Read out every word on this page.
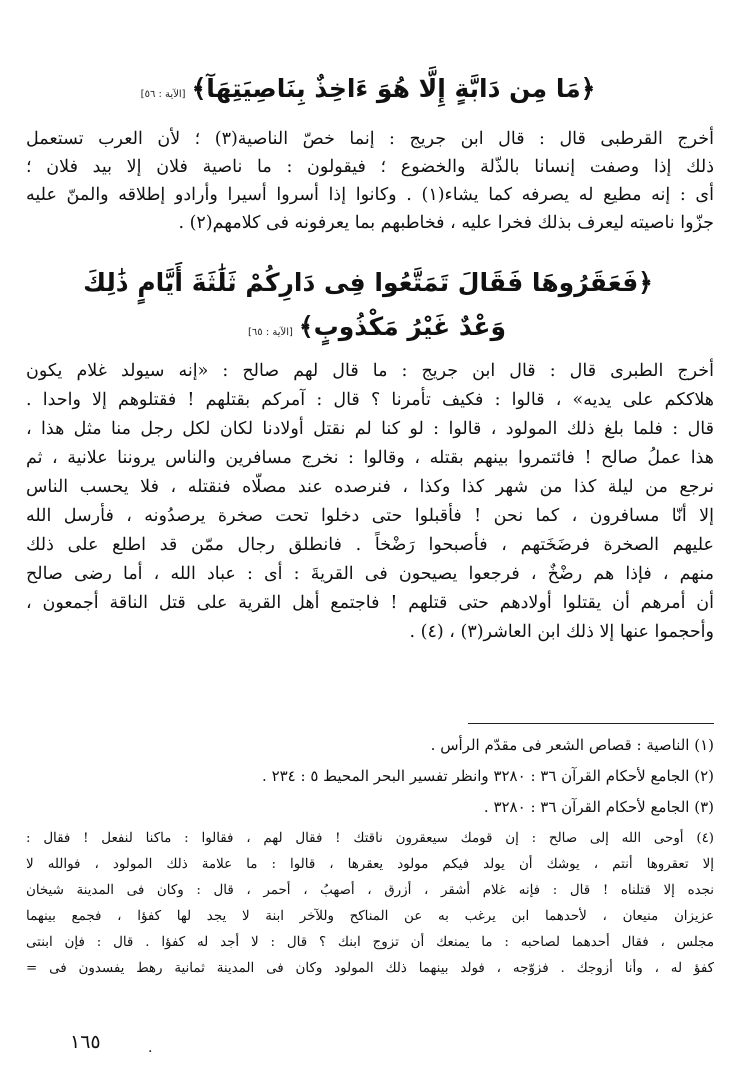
﴿مَا مِن دَابَّةٍ إِلَّا هُوَ ءَاخِذٌ بِنَاصِيَتِهَآ﴾
[الآية : ٥٦]
أخرج القرطبى قال : قال ابن جريج : إنما خصّ الناصية(٣) ؛ لأن العرب تستعمل
ذلك إذا وصفت إنسانا بالذّلة والخضوع ؛ فيقولون : ما ناصية فلان إلا بيد فلان ؛
أى : إنه مطيع له يصرفه كما يشاء(١) . وكانوا إذا أسروا أسيرا وأرادو إطلاقه والمنّ عليه
جزّوا ناصيته ليعرف بذلك فخرا عليه ، فخاطبهم بما يعرفونه فى كلامهم(٢) .
﴿فَعَقَرُوهَا فَقَالَ تَمَتَّعُوا فِى دَارِكُمْ ثَلَٰثَةَ أَيَّامٍ ذَٰلِكَ
وَعْدٌ غَيْرُ مَكْذُوبٍ﴾
[الآية : ٦٥]
أخرج الطبرى قال : قال ابن جريج : ما قال لهم صالح : «إنه سيولد غلام يكون
هلاككم على يديه» ، قالوا : فكيف تأمرنا ؟ قال : آمركم بقتلهم ! فقتلوهم إلا واحدا .
قال : فلما بلغ ذلك المولود ، قالوا : لو كنا لم نقتل أولادنا لكان لكل رجل منا مثل هذا ،
هذا عملُ صالح ! فائتمروا بينهم بقتله ، وقالوا : نخرج مسافرين والناس يروننا علانية ، ثم
نرجع من ليلة كذا من شهر كذا وكذا ، فنرصده عند مصلّاه فنقتله ، فلا يحسب الناس
إلا أنّا مسافرون ، كما نحن ! فأقبلوا حتى دخلوا تحت صخرة يرصدُونه ، فأرسل الله
عليهم الصخرة فرضَخَتهم ، فأصبحوا رَضْخاً . فانطلق رجال ممّن قد اطلع على ذلك
منهم ، فإذا هم رضْخٌ ، فرجعوا يصيحون فى القريةَ : أى : عباد الله ، أما رضى صالح
أن أمرهم أن يقتلوا أولادهم حتى قتلهم ! فاجتمع أهل القرية على قتل الناقة أجمعون ،
وأحجموا عنها إلا ذلك ابن العاشر(٣) ، (٤) .
(١) الناصية : قصاص الشعر فى مقدّم الرأس .
(٢) الجامع لأحكام القرآن ٣٦ : ٣٢٨٠ وانظر تفسير البحر المحيط ٥ : ٢٣٤ .
(٣) الجامع لأحكام القرآن ٣٦ : ٣٢٨٠ .
(٤) أوحى الله إلى صالح : إن قومك سيعقرون ناقتك ! فقال لهم ، فقالوا : ماكنا لنفعل ! فقال :
إلا تعقروها أنتم ، يوشك أن يولد فيكم مولود يعقرها ، قالوا : ما علامة ذلك المولود ، فوالله لا
نجده إلا قتلناه ! قال : فإنه غلام أشقر ، أزرق ، أصهبُ ، أحمر ، قال : وكان فى المدينة شيخان
عزيزان منيعان ، لأحدهما ابن يرغب به عن المناكح وللآخر ابنة لا يجد لها كفؤا ، فجمع بينهما
مجلس ، فقال أحدهما لصاحبه : ما يمنعك أن تزوج ابنك ؟ قال : لا أجد له كفؤا . قال : فإن ابنتى
كفؤ له ، وأنا أزوجك . فزوّجه ، فولد بينهما ذلك المولود وكان فى المدينة ثمانية رهط يفسدون فى =
١٦٥	.
